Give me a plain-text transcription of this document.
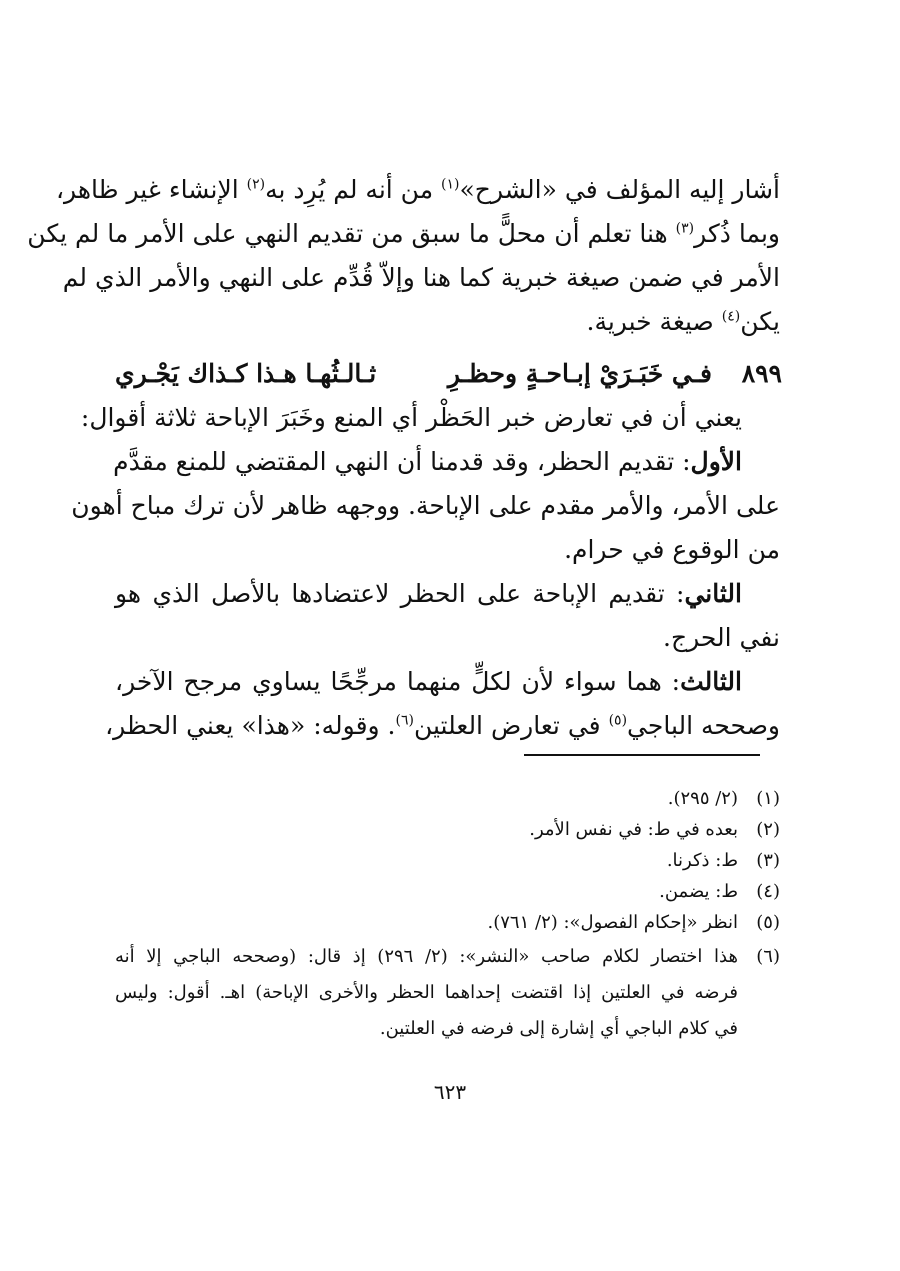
أشار إليه المؤلف في «الشرح»$^{(١)}$ من أنه لم يُرِد به$^{(٢)}$ الإنشاء غير ظاهر،
وبما ذُكر$^{(٣)}$ هنا تعلم أن محلًّ ما سبق من تقديم النهي على الأمر ما لم يكن
الأمر في ضمن صيغة خبرية كما هنا وإلاّ قُدِّم على النهي والأمر الذي لم
يكن$^{(٤)}$ صيغة خبرية.
٨٩٩
فـي خَبَـرَيْ إبـاحـةٍ وحظـرِ
ثـالـثُهـا هـذا كـذاك يَجْـري
يعني أن في تعارض خبر الحَظْر أي المنع وخَبَرَ الإباحة ثلاثة أقوال:
الأول: تقديم الحظر، وقد قدمنا أن النهي المقتضي للمنع مقدَّم
على الأمر، والأمر مقدم على الإباحة. ووجهه ظاهر لأن ترك مباح أهون
من الوقوع في حرام.
الثاني: تقديم الإباحة على الحظر لاعتضادها بالأصل الذي هو
نفي الحرج.
الثالث: هما سواء لأن لكلٍّ منهما مرجِّحًا يساوي مرجح الآخر،
وصححه الباجي$^{(٥)}$ في تعارض العلتين$^{(٦)}$. وقوله: «هذا» يعني الحظر،
(١)
(٢/ ٢٩٥).
(٢)
بعده في ط: في نفس الأمر.
(٣)
ط: ذكرنا.
(٤)
ط: يضمن.
(٥)
انظر «إحكام الفصول»: (٢/ ٧٦١).
(٦)
هذا اختصار لكلام صاحب «النشر»: (٢/ ٢٩٦) إذ قال: (وصححه الباجي إلا أنه
فرضه في العلتين إذا اقتضت إحداهما الحظر والأخرى الإباحة) اهـ. أقول: وليس
في كلام الباجي أي إشارة إلى فرضه في العلتين.
٦٢٣
